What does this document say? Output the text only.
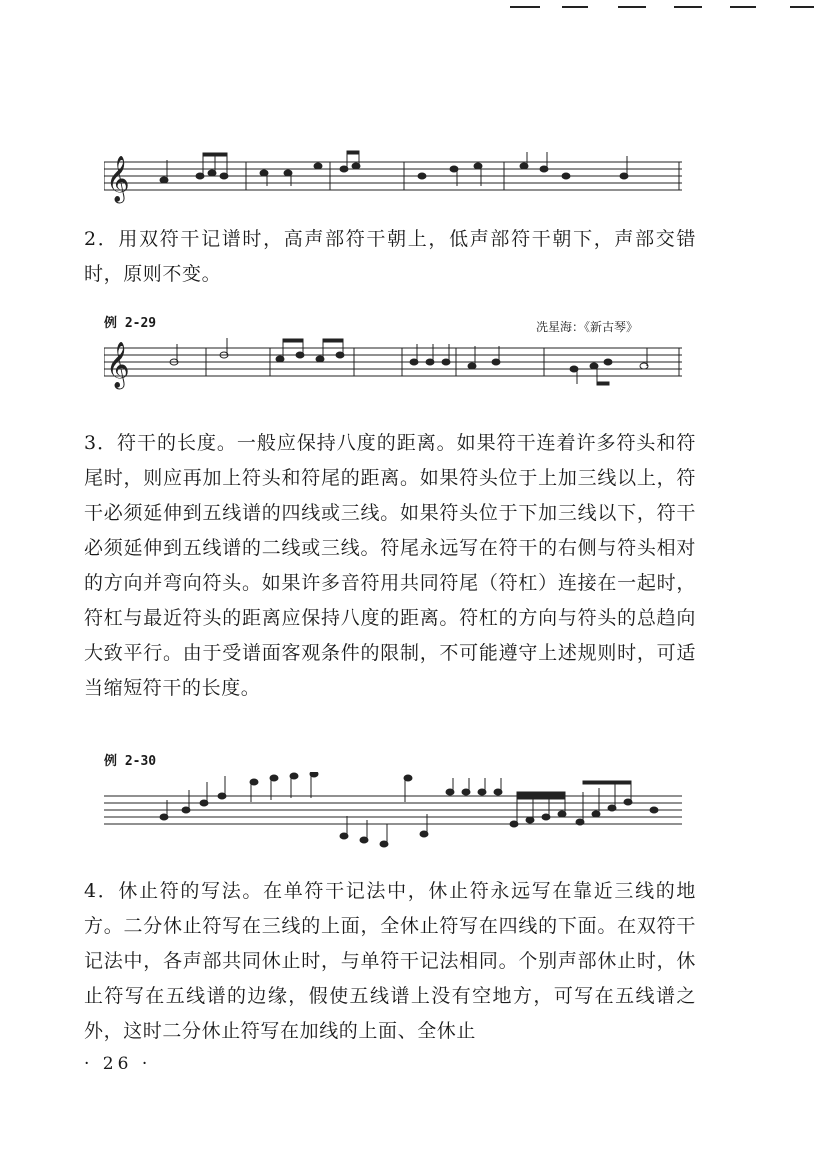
𝄞

2．用双符干记谱时，高声部符干朝上，低声部符干朝下，声部交错时，原则不变。

例 2-29	冼星海：《新古琴》
𝄞

3．符干的长度。一般应保持八度的距离。如果符干连着许多符头和符尾时，则应再加上符头和符尾的距离。如果符头位于上加三线以上，符干必须延伸到五线谱的四线或三线。如果符头位于下加三线以下，符干必须延伸到五线谱的二线或三线。符尾永远写在符干的右侧与符头相对的方向并弯向符头。如果许多音符用共同符尾（符杠）连接在一起时，符杠与最近符头的距离应保持八度的距离。符杠的方向与符头的总趋向大致平行。由于受谱面客观条件的限制，不可能遵守上述规则时，可适当缩短符干的长度。

例 2-30

4．休止符的写法。在单符干记法中，休止符永远写在靠近三线的地方。二分休止符写在三线的上面，全休止符写在四线的下面。在双符干记法中，各声部共同休止时，与单符干记法相同。个别声部休止时，休止符写在五线谱的边缘，假使五线谱上没有空地方，可写在五线谱之外，这时二分休止符写在加线的上面、全休止

· 26 ·
